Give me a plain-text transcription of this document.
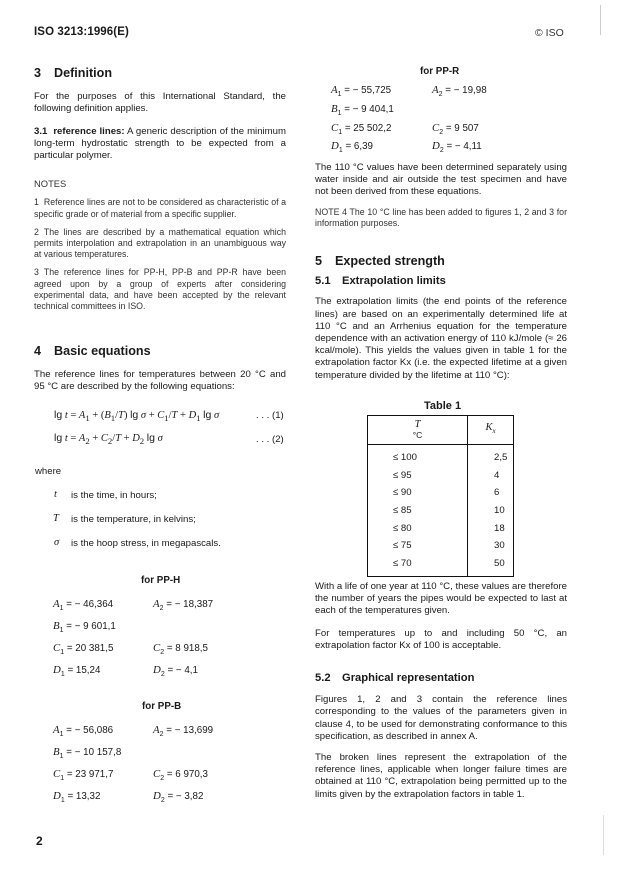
ISO 3213:1996(E)	© ISO
3 Definition

For the purposes of this International Standard, the following definition applies.

3.1 reference lines: A generic description of the minimum long-term hydrostatic strength to be expected from a particular polymer.

NOTES

1 Reference lines are not to be considered as characteristic of a specific grade or of material from a specific supplier.

2 The lines are described by a mathematical equation which permits interpolation and extrapolation in an unambiguous way at various temperatures.

3 The reference lines for PP-H, PP-B and PP-R have been agreed upon by a group of experts after considering experimental data, and have been accepted by the relevant technical committees in ISO.

4 Basic equations

The reference lines for temperatures between 20 °C and 95 °C are described by the following equations:

$\lg t = A_1 + (B_1/T)$ $\lg \sigma + C_1/T + D_1$ lg σ	. . . (1)
$\lg t = A_2 + C_2/T + D_2$ lg σ	. . . (2)
where
t is the time, in hours;
T is the temperature, in kelvins;
σ is the hoop stress, in megapascals.
for PP-H
$A_1$ = − 46,364	$A_2$ = − 18,387
$B_1$ = − 9 601,1
$C_1 = 20$ 381,5	$C_2 = 8$ 918,5
$D_1 = 15,24$	$D_2$ = − 4,1
for PP-B
$A_1$ = − 56,086	$A_2$ = − 13,699
$B_1$ = − 10 157,8
$C_1 = 23$ 971,7	$C_2 = 6$ 970,3
$D_1 = 13,32$	$D_2$ = − 3,82
for PP-R
$A_1$ = − 55,725	$A_2$ = − 19,98
$B_1$ = − 9 404,1
$C_1 = 25$ 502,2	$C_2 = 9$ 507
$D_1 = 6,39$	$D_2$ = − 4,11

The 110 °C values have been determined separately using water inside and air outside the test specimen and have not been derived from these equations.

NOTE 4 The 10 °C line has been added to figures 1, 2 and 3 for information purposes.

5 Expected strength
5.1 Extrapolation limits

The extrapolation limits (the end points of the reference lines) are based on an experimentally determined life at 110 °C and an Arrhenius equation for the temperature dependence with an activation energy of 110 kJ/mole (≈ 26 kcal/mole). This yields the values given in table 1 for the extrapolation factor Kx (i.e. the expected lifetime at a given temperature divided by the lifetime at 110 °C):

Table 1
T
°C	$K_x$
≤ 100	2,5
≤ 95	4
≤ 90	6
≤ 85	10
≤ 80	18
≤ 75	30
≤ 70	50

With a life of one year at 110 °C, these values are therefore the number of years the pipes would be expected to last at each of the temperatures given.

For temperatures up to and including 50 °C, an extrapolation factor Kx of 100 is acceptable.

5.2 Graphical representation

Figures 1, 2 and 3 contain the reference lines corresponding to the values of the parameters given in clause 4, to be used for demonstrating conformance to this specification, as described in annex A.

The broken lines represent the extrapolation of the reference lines, applicable when longer failure times are obtained at 110 °C, extrapolation being permitted up to the limits given by the extrapolation factors in table 1.

2
